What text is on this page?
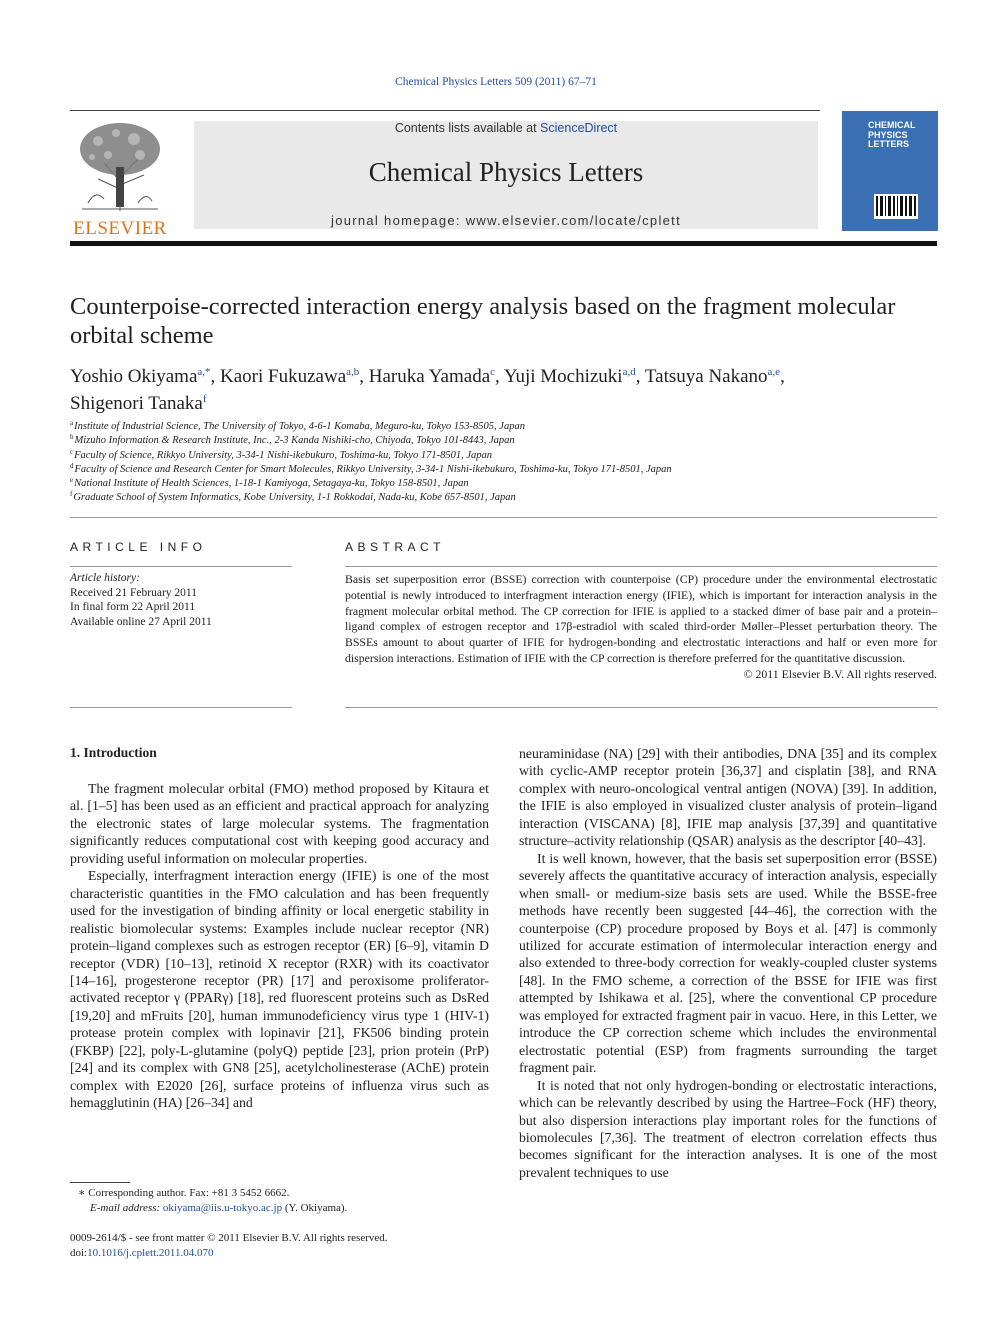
Chemical Physics Letters 509 (2011) 67–71
ELSEVIER
Contents lists available at ScienceDirect
Chemical Physics Letters
journal homepage: www.elsevier.com/locate/cplett
CHEMICAL
PHYSICS
LETTERS
Counterpoise-corrected interaction energy analysis based on the fragment molecular orbital scheme
Yoshio Okiyama$^{a,*}$, Kaori Fukuzawa$^{a,b}$, Haruka Yamada$^c$, Yuji Mochizuki$^{a,d}$, Tatsuya Nakano$^{a,e}$,
Shigenori Tanaka$^f$
$^a$Institute of Industrial Science, The University of Tokyo, 4-6-1 Komaba, Meguro-ku, Tokyo 153-8505, Japan
$^b$Mizuho Information & Research Institute, Inc., 2-3 Kanda Nishiki-cho, Chiyoda, Tokyo 101-8443, Japan
$^c$Faculty of Science, Rikkyo University, 3-34-1 Nishi-ikebukuro, Toshima-ku, Tokyo 171-8501, Japan
$^d$Faculty of Science and Research Center for Smart Molecules, Rikkyo University, 3-34-1 Nishi-ikebukuro, Toshima-ku, Tokyo 171-8501, Japan
$^e$National Institute of Health Sciences, 1-18-1 Kamiyoga, Setagaya-ku, Tokyo 158-8501, Japan
$^f$Graduate School of System Informatics, Kobe University, 1-1 Rokkodai, Nada-ku, Kobe 657-8501, Japan
ARTICLE INFO
Article history:
Received 21 February 2011
In final form 22 April 2011
Available online 27 April 2011
ABSTRACT
Basis set superposition error (BSSE) correction with counterpoise (CP) procedure under the environmental electrostatic potential is newly introduced to interfragment interaction energy (IFIE), which is important for interaction analysis in the fragment molecular orbital method. The CP correction for IFIE is applied to a stacked dimer of base pair and a protein–ligand complex of estrogen receptor and 17β-estradiol with scaled third-order Møller–Plesset perturbation theory. The BSSEs amount to about quarter of IFIE for hydrogen-bonding and electrostatic interactions and half or even more for dispersion interactions. Estimation of IFIE with the CP correction is therefore preferred for the quantitative discussion.
© 2011 Elsevier B.V. All rights reserved.
1. Introduction

The fragment molecular orbital (FMO) method proposed by Kitaura et al. [1–5] has been used as an efficient and practical approach for analyzing the electronic states of large molecular systems. The fragmentation significantly reduces computational cost with keeping good accuracy and providing useful information on molecular properties.

Especially, interfragment interaction energy (IFIE) is one of the most characteristic quantities in the FMO calculation and has been frequently used for the investigation of binding affinity or local energetic stability in realistic biomolecular systems: Examples include nuclear receptor (NR) protein–ligand complexes such as estrogen receptor (ER) [6–9], vitamin D receptor (VDR) [10–13], retinoid X receptor (RXR) with its coactivator [14–16], progesterone receptor (PR) [17] and peroxisome proliferator-activated receptor γ (PPARγ) [18], red fluorescent proteins such as DsRed [19,20] and mFruits [20], human immunodeficiency virus type 1 (HIV-1) protease protein complex with lopinavir [21], FK506 binding protein (FKBP) [22], poly-L-glutamine (polyQ) peptide [23], prion protein (PrP) [24] and its complex with GN8 [25], acetylcholinesterase (AChE) protein complex with E2020 [26], surface proteins of influenza virus such as hemagglutinin (HA) [26–34] and

neuraminidase (NA) [29] with their antibodies, DNA [35] and its complex with cyclic-AMP receptor protein [36,37] and cisplatin [38], and RNA complex with neuro-oncological ventral antigen (NOVA) [39]. In addition, the IFIE is also employed in visualized cluster analysis of protein–ligand interaction (VISCANA) [8], IFIE map analysis [37,39] and quantitative structure–activity relationship (QSAR) analysis as the descriptor [40–43].

It is well known, however, that the basis set superposition error (BSSE) severely affects the quantitative accuracy of interaction analysis, especially when small- or medium-size basis sets are used. While the BSSE-free methods have recently been suggested [44–46], the correction with the counterpoise (CP) procedure proposed by Boys et al. [47] is commonly utilized for accurate estimation of intermolecular interaction energy and also extended to three-body correction for weakly-coupled cluster systems [48]. In the FMO scheme, a correction of the BSSE for IFIE was first attempted by Ishikawa et al. [25], where the conventional CP procedure was employed for extracted fragment pair in vacuo. Here, in this Letter, we introduce the CP correction scheme which includes the environmental electrostatic potential (ESP) from fragments surrounding the target fragment pair.

It is noted that not only hydrogen-bonding or electrostatic interactions, which can be relevantly described by using the Hartree–Fock (HF) theory, but also dispersion interactions play important roles for the functions of biomolecules [7,36]. The treatment of electron correlation effects thus becomes significant for the interaction analyses. It is one of the most prevalent techniques to use

∗ Corresponding author. Fax: +81 3 5452 6662.
E-mail address: okiyama@iis.u-tokyo.ac.jp (Y. Okiyama).
0009-2614/$ - see front matter © 2011 Elsevier B.V. All rights reserved.
doi:10.1016/j.cplett.2011.04.070
